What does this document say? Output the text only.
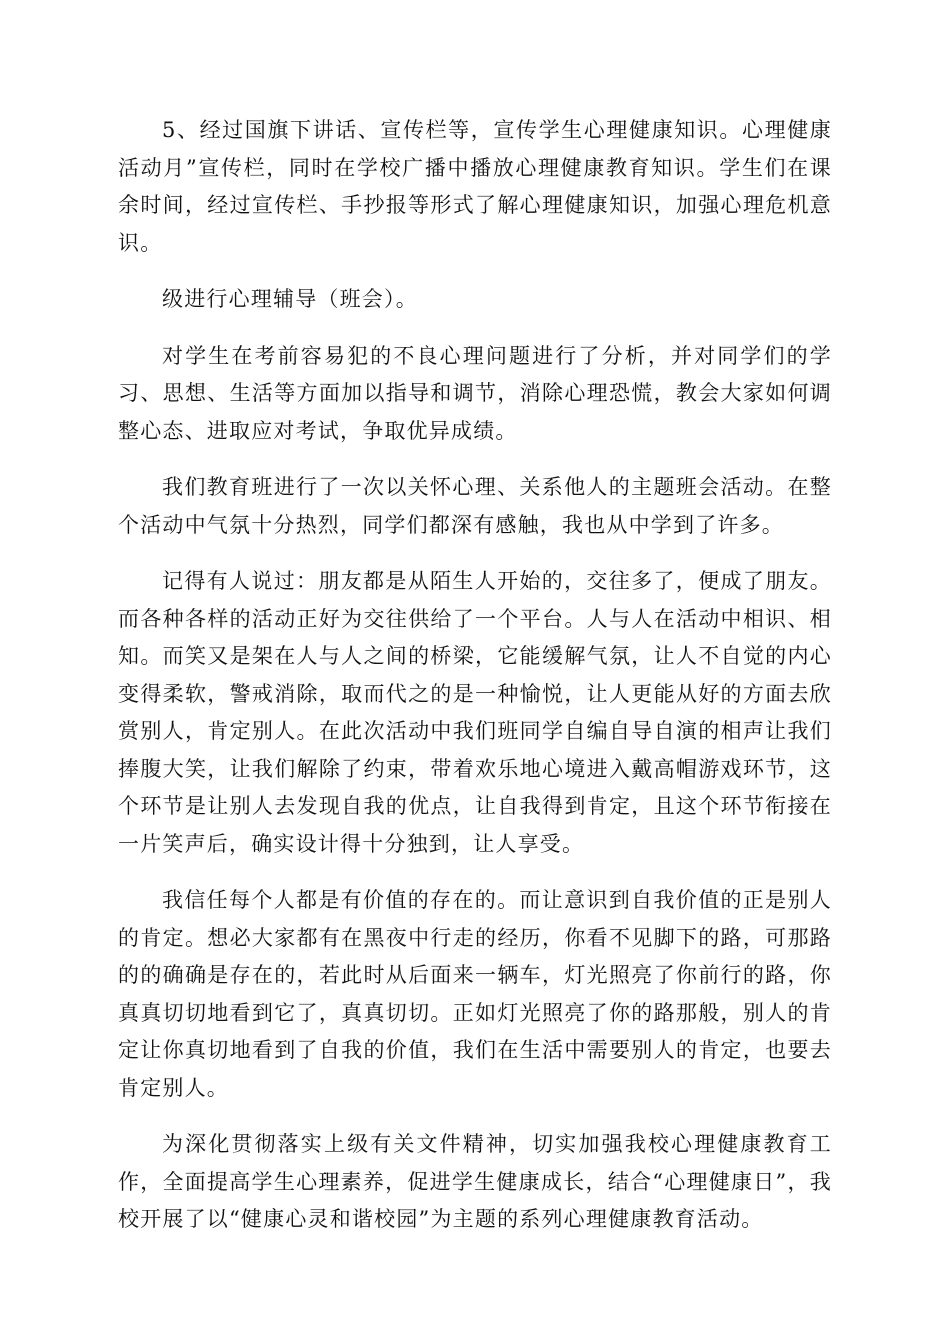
5、经过国旗下讲话、宣传栏等，宣传学生心理健康知识。心理健康活动月”宣传栏，同时在学校广播中播放心理健康教育知识。学生们在课余时间，经过宣传栏、手抄报等形式了解心理健康知识，加强心理危机意识。

级进行心理辅导（班会）。

对学生在考前容易犯的不良心理问题进行了分析，并对同学们的学习、思想、生活等方面加以指导和调节，消除心理恐慌，教会大家如何调整心态、进取应对考试，争取优异成绩。

我们教育班进行了一次以关怀心理、关系他人的主题班会活动。在整个活动中气氛十分热烈，同学们都深有感触，我也从中学到了许多。

记得有人说过：朋友都是从陌生人开始的，交往多了，便成了朋友。而各种各样的活动正好为交往供给了一个平台。人与人在活动中相识、相知。而笑又是架在人与人之间的桥梁，它能缓解气氛，让人不自觉的内心变得柔软，警戒消除，取而代之的是一种愉悦，让人更能从好的方面去欣赏别人，肯定别人。在此次活动中我们班同学自编自导自演的相声让我们捧腹大笑，让我们解除了约束，带着欢乐地心境进入戴高帽游戏环节，这个环节是让别人去发现自我的优点，让自我得到肯定，且这个环节衔接在一片笑声后，确实设计得十分独到，让人享受。

我信任每个人都是有价值的存在的。而让意识到自我价值的正是别人的肯定。想必大家都有在黑夜中行走的经历，你看不见脚下的路，可那路的的确确是存在的，若此时从后面来一辆车，灯光照亮了你前行的路，你真真切切地看到它了，真真切切。正如灯光照亮了你的路那般，别人的肯定让你真切地看到了自我的价值，我们在生活中需要别人的肯定，也要去肯定别人。

为深化贯彻落实上级有关文件精神，切实加强我校心理健康教育工作，全面提高学生心理素养，促进学生健康成长，结合“心理健康日”，我校开展了以“健康心灵和谐校园”为主题的系列心理健康教育活动。
